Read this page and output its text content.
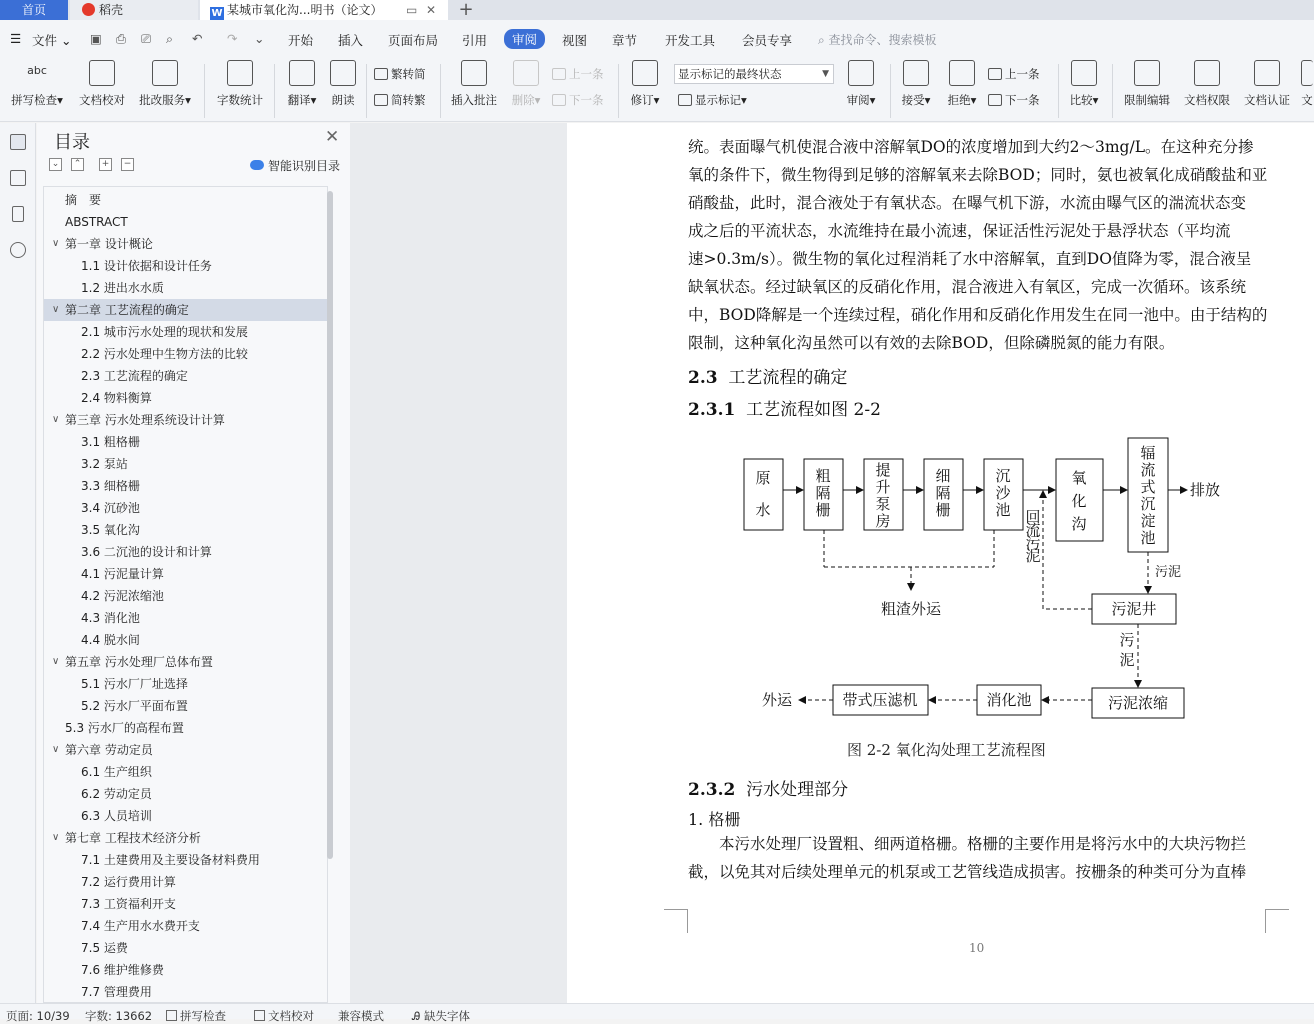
首页	稻壳	W 某城市氧化沟...明书（论文） ▭ ✕ +
☰ 文件 ⌄ ▣ ⎙ ⎚ ⌕ ↶ ↷ ⌄ 开始 插入 页面布局 引用	审阅	视图 章节 开发工具 会员专享 ⌕ 查找命令、搜索模板
abc
拼写检查▾ 文档校对 批改服务▾ 字数统计	翻译▾	朗读
繁转简
简转繁 插入批注	删除▾
上一条
下一条	修订▾
显示标记的最终状态	▼
显示标记▾	审阅▾	接受▾	拒绝▾
上一条
下一条	比较▾	限制编辑	文档权限	文档认证 文
目录	✕
⌄	⌃	+	−	智能识别目录
摘　要
ABSTRACT
∨ 第一章 设计概论
1.1 设计依据和设计任务
1.2 进出水水质
∨ 第二章 工艺流程的确定
2.1 城市污水处理的现状和发展
2.2 污水处理中生物方法的比较
2.3 工艺流程的确定
2.4 物料衡算
∨ 第三章 污水处理系统设计计算
3.1 粗格栅
3.2 泵站
3.3 细格栅
3.4 沉砂池
3.5 氧化沟
3.6 二沉池的设计和计算
4.1 污泥量计算
4.2 污泥浓缩池
4.3 消化池
4.4 脱水间
∨ 第五章 污水处理厂总体布置
5.1 污水厂厂址选择
5.2 污水厂平面布置
5.3 污水厂的高程布置
∨ 第六章 劳动定员
6.1 生产组织
6.2 劳动定员
6.3 人员培训
∨ 第七章 工程技术经济分析
7.1 土建费用及主要设备材料费用
7.2 运行费用计算
7.3 工资福利开支
7.4 生产用水水费开支
7.5 运费
7.6 维护维修费
7.7 管理费用
统。表面曝气机使混合液中溶解氧DO的浓度增加到大约2～3mg/L。在这种充分掺
氧的条件下，微生物得到足够的溶解氧来去除BOD；同时，氨也被氧化成硝酸盐和亚
硝酸盐，此时，混合液处于有氧状态。在曝气机下游，水流由曝气区的湍流状态变
成之后的平流状态，水流维持在最小流速，保证活性污泥处于悬浮状态（平均流
速>0.3m/s）。微生物的氧化过程消耗了水中溶解氧，直到DO值降为零，混合液呈
缺氧状态。经过缺氧区的反硝化作用，混合液进入有氧区，完成一次循环。该系统
中，BOD降解是一个连续过程，硝化作用和反硝化作用发生在同一池中。由于结构的
限制，这种氧化沟虽然可以有效的去除BOD，但除磷脱氮的能力有限。
2.3 工艺流程的确定
2.3.1 工艺流程如图 2-2
原
水
粗
隔
栅
提
升
泵
房
细
隔
栅
沉
沙
池
氧
化
沟
辐
流
式
沉
淀
池
回
流
污
泥
污
泥
排放
污泥
粗渣外运	污泥井
污泥浓缩
消化池
带式压滤机
外运
图 2-2 氧化沟处理工艺流程图
2.3.2 污水处理部分
1. 格栅
　　本污水处理厂设置粗、细两道格栅。格栅的主要作用是将污水中的大块污物拦
截，以免其对后续处理单元的机泵或工艺管线造成损害。按栅条的种类可分为直棒
10
页面: 10/39 字数: 13662	拼写检查	文档校对 兼容模式 Ꭿ 缺失字体
